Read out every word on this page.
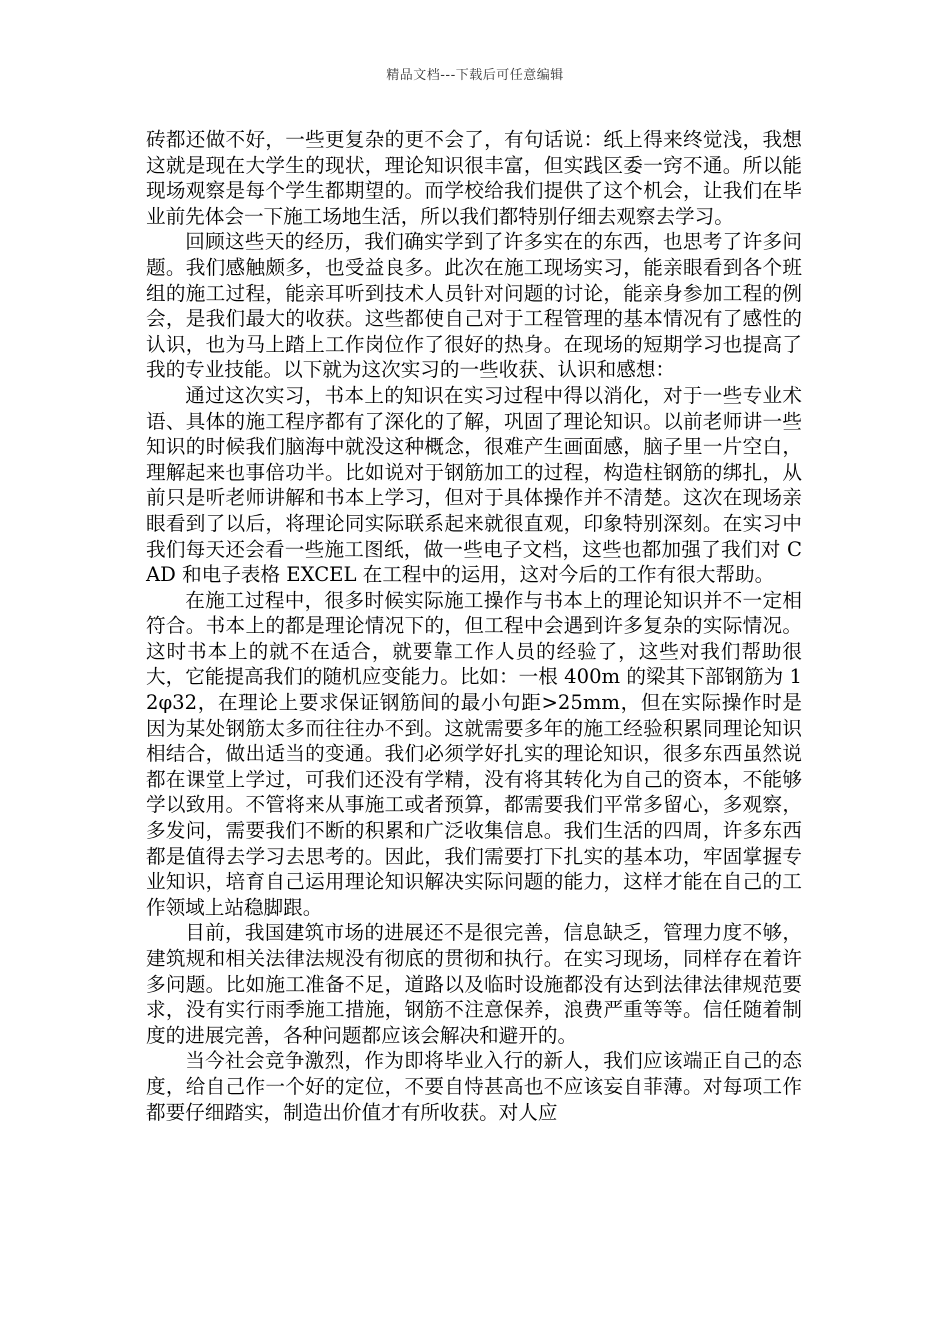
精品文档---下载后可任意编辑

砖都还做不好，一些更复杂的更不会了，有句话说：纸上得来终觉浅，我想这就是现在大学生的现状，理论知识很丰富，但实践区委一窍不通。所以能现场观察是每个学生都期望的。而学校给我们提供了这个机会，让我们在毕业前先体会一下施工场地生活，所以我们都特别仔细去观察去学习。

回顾这些天的经历，我们确实学到了许多实在的东西，也思考了许多问题。我们感触颇多，也受益良多。此次在施工现场实习，能亲眼看到各个班组的施工过程，能亲耳听到技术人员针对问题的讨论，能亲身参加工程的例会，是我们最大的收获。这些都使自己对于工程管理的基本情况有了感性的认识，也为马上踏上工作岗位作了很好的热身。在现场的短期学习也提高了我的专业技能。以下就为这次实习的一些收获、认识和感想：

通过这次实习，书本上的知识在实习过程中得以消化，对于一些专业术语、具体的施工程序都有了深化的了解，巩固了理论知识。以前老师讲一些知识的时候我们脑海中就没这种概念，很难产生画面感，脑子里一片空白，理解起来也事倍功半。比如说对于钢筋加工的过程，构造柱钢筋的绑扎，从前只是听老师讲解和书本上学习，但对于具体操作并不清楚。这次在现场亲眼看到了以后，将理论同实际联系起来就很直观，印象特别深刻。在实习中我们每天还会看一些施工图纸，做一些电子文档，这些也都加强了我们对 CAD 和电子表格 EXCEL 在工程中的运用，这对今后的工作有很大帮助。

在施工过程中，很多时候实际施工操作与书本上的理论知识并不一定相符合。书本上的都是理论情况下的，但工程中会遇到许多复杂的实际情况。这时书本上的就不在适合，就要靠工作人员的经验了，这些对我们帮助很大，它能提高我们的随机应变能力。比如：一根 400m 的梁其下部钢筋为 12φ32，在理论上要求保证钢筋间的最小句距>25mm，但在实际操作时是因为某处钢筋太多而往往办不到。这就需要多年的施工经验积累同理论知识相结合，做出适当的变通。我们必须学好扎实的理论知识，很多东西虽然说都在课堂上学过，可我们还没有学精，没有将其转化为自己的资本，不能够学以致用。不管将来从事施工或者预算，都需要我们平常多留心，多观察，多发问，需要我们不断的积累和广泛收集信息。我们生活的四周，许多东西都是值得去学习去思考的。因此，我们需要打下扎实的基本功，牢固掌握专业知识，培育自己运用理论知识解决实际问题的能力，这样才能在自己的工作领域上站稳脚跟。

目前，我国建筑市场的进展还不是很完善，信息缺乏，管理力度不够，建筑规和相关法律法规没有彻底的贯彻和执行。在实习现场，同样存在着许多问题。比如施工准备不足，道路以及临时设施都没有达到法律法律规范要求，没有实行雨季施工措施，钢筋不注意保养，浪费严重等等。信任随着制度的进展完善，各种问题都应该会解决和避开的。

当今社会竞争激烈，作为即将毕业入行的新人，我们应该端正自己的态度，给自己作一个好的定位，不要自恃甚高也不应该妄自菲薄。对每项工作都要仔细踏实，制造出价值才有所收获。对人应
